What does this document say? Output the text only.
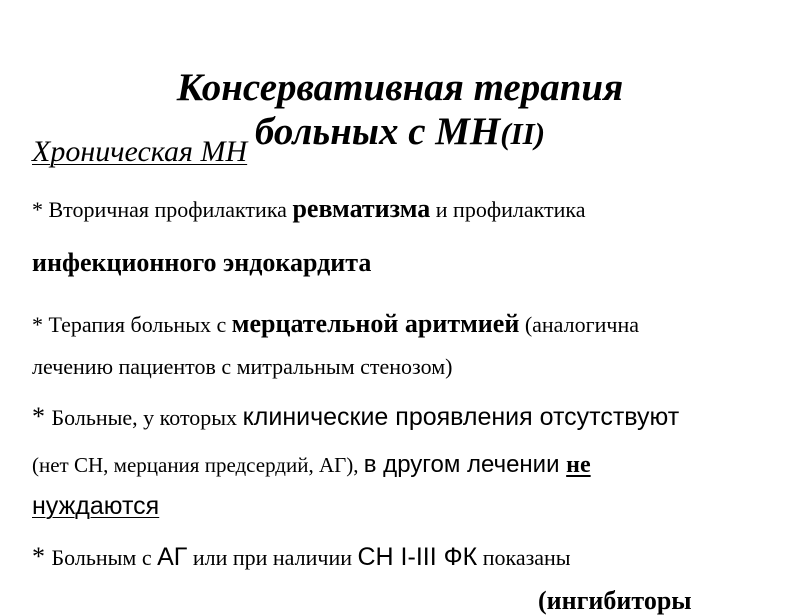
Консервативная терапия
больных с МН(II)
Хроническая МН
* Вторичная профилактика ревматизма и профилактика
инфекционного эндокардита
* Терапия больных с мерцательной аритмией (аналогична
лечению пациентов с митральным стенозом)
* Больные, у которых клинические проявления отсутствуют
(нет СН, мерцания предсердий, АГ), в другом лечении не
нуждаются
* Больным с АГ или при наличии СН I-III ФК показаны
(ингибиторы
